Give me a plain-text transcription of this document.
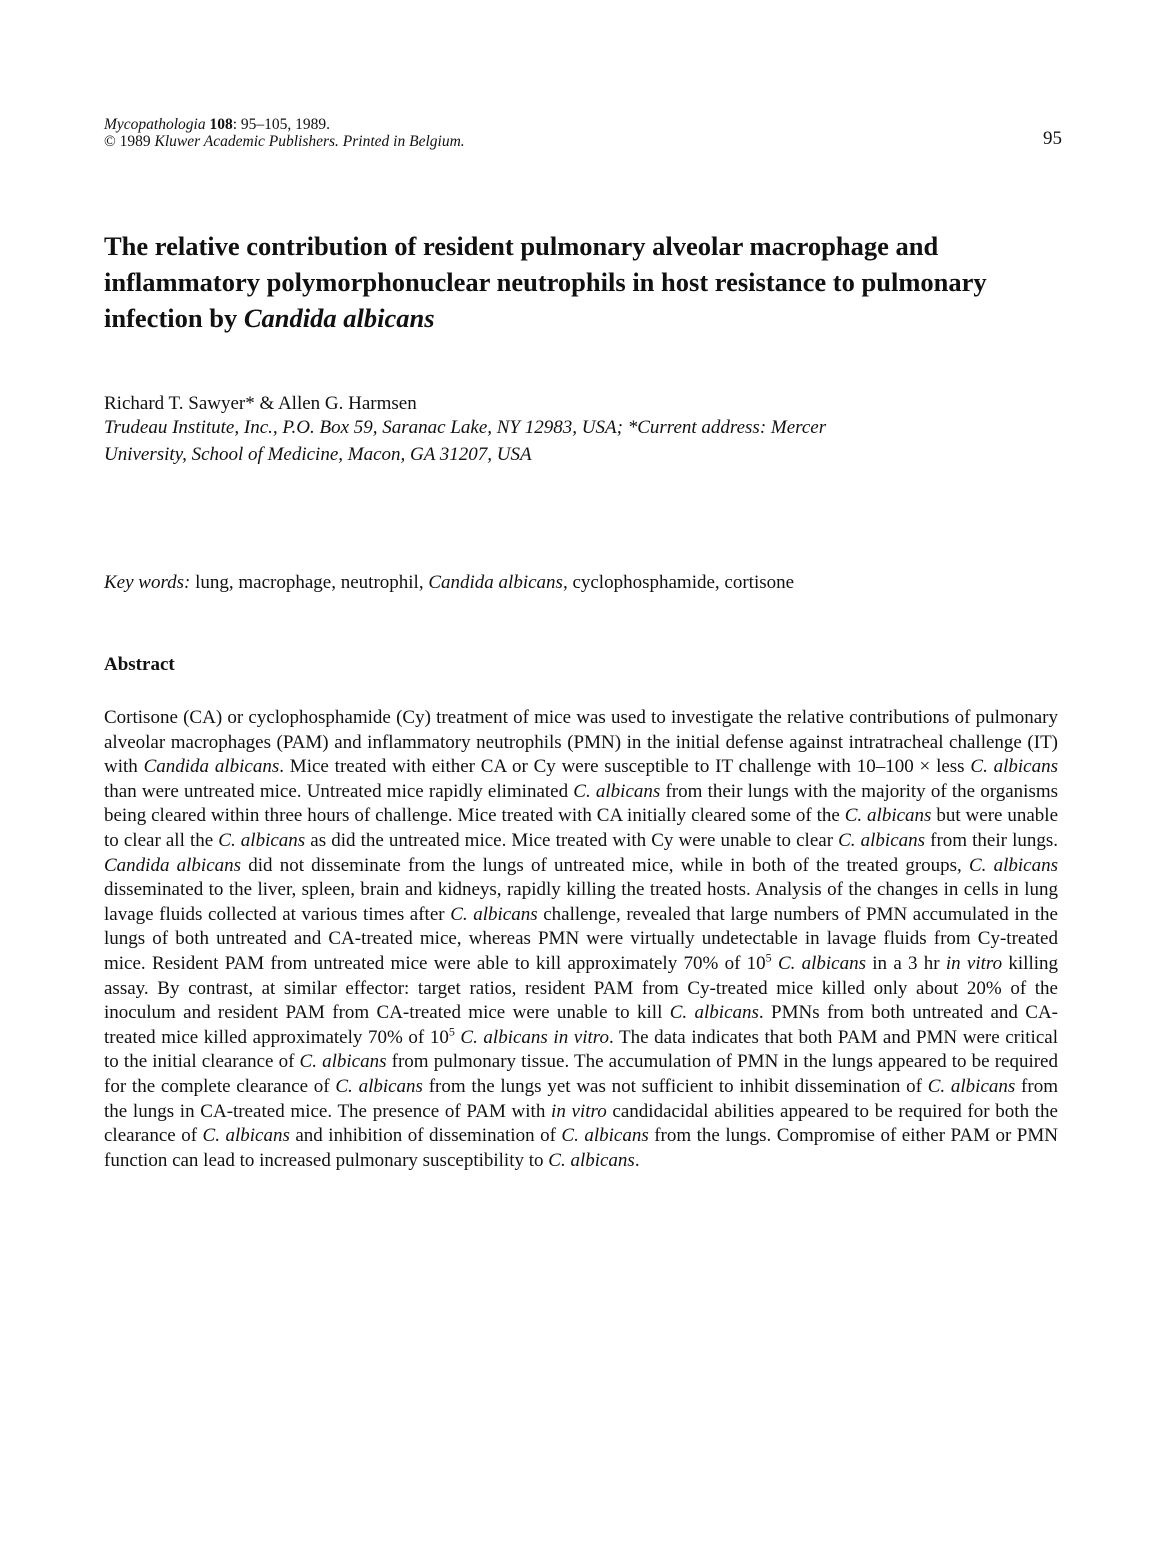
Mycopathologia 108: 95–105, 1989.
© 1989 Kluwer Academic Publishers. Printed in Belgium.	95
The relative contribution of resident pulmonary alveolar macrophage and inflammatory polymorphonuclear neutrophils in host resistance to pulmonary infection by Candida albicans
Richard T. Sawyer* & Allen G. Harmsen
Trudeau Institute, Inc., P.O. Box 59, Saranac Lake, NY 12983, USA; *Current address: Mercer
University, School of Medicine, Macon, GA 31207, USA
Key words: lung, macrophage, neutrophil, Candida albicans, cyclophosphamide, cortisone
Abstract

Cortisone (CA) or cyclophosphamide (Cy) treatment of mice was used to investigate the relative contributions of pulmonary alveolar macrophages (PAM) and inflammatory neutrophils (PMN) in the initial defense against intratracheal challenge (IT) with Candida albicans. Mice treated with either CA or Cy were susceptible to IT challenge with 10–100 × less C. albicans than were untreated mice. Untreated mice rapidly eliminated C. albicans from their lungs with the majority of the organisms being cleared within three hours of challenge. Mice treated with CA initially cleared some of the C. albicans but were unable to clear all the C. albicans as did the untreated mice. Mice treated with Cy were unable to clear C. albicans from their lungs. Candida albicans did not disseminate from the lungs of untreated mice, while in both of the treated groups, C. albicans disseminated to the liver, spleen, brain and kidneys, rapidly killing the treated hosts. Analysis of the changes in cells in lung lavage fluids collected at various times after C. albicans challenge, revealed that large numbers of PMN accumulated in the lungs of both untreated and CA-treated mice, whereas PMN were virtually undetectable in lavage fluids from Cy-treated mice. Resident PAM from untreated mice were able to kill approximately 70% of $10^5$ C. albicans in a 3 hr in vitro killing assay. By contrast, at similar effector: target ratios, resident PAM from Cy-treated mice killed only about 20% of the inoculum and resident PAM from CA-treated mice were unable to kill C. albicans. PMNs from both untreated and CA-treated mice killed approximately 70% of $10^5$ C. albicans in vitro. The data indicates that both PAM and PMN were critical to the initial clearance of C. albicans from pulmonary tissue. The accumulation of PMN in the lungs appeared to be required for the complete clearance of C. albicans from the lungs yet was not sufficient to inhibit dissemination of C. albicans from the lungs in CA-treated mice. The presence of PAM with in vitro candidacidal abilities appeared to be required for both the clearance of C. albicans and inhibition of dissemination of C. albicans from the lungs. Compromise of either PAM or PMN function can lead to increased pulmonary susceptibility to C. albicans.
